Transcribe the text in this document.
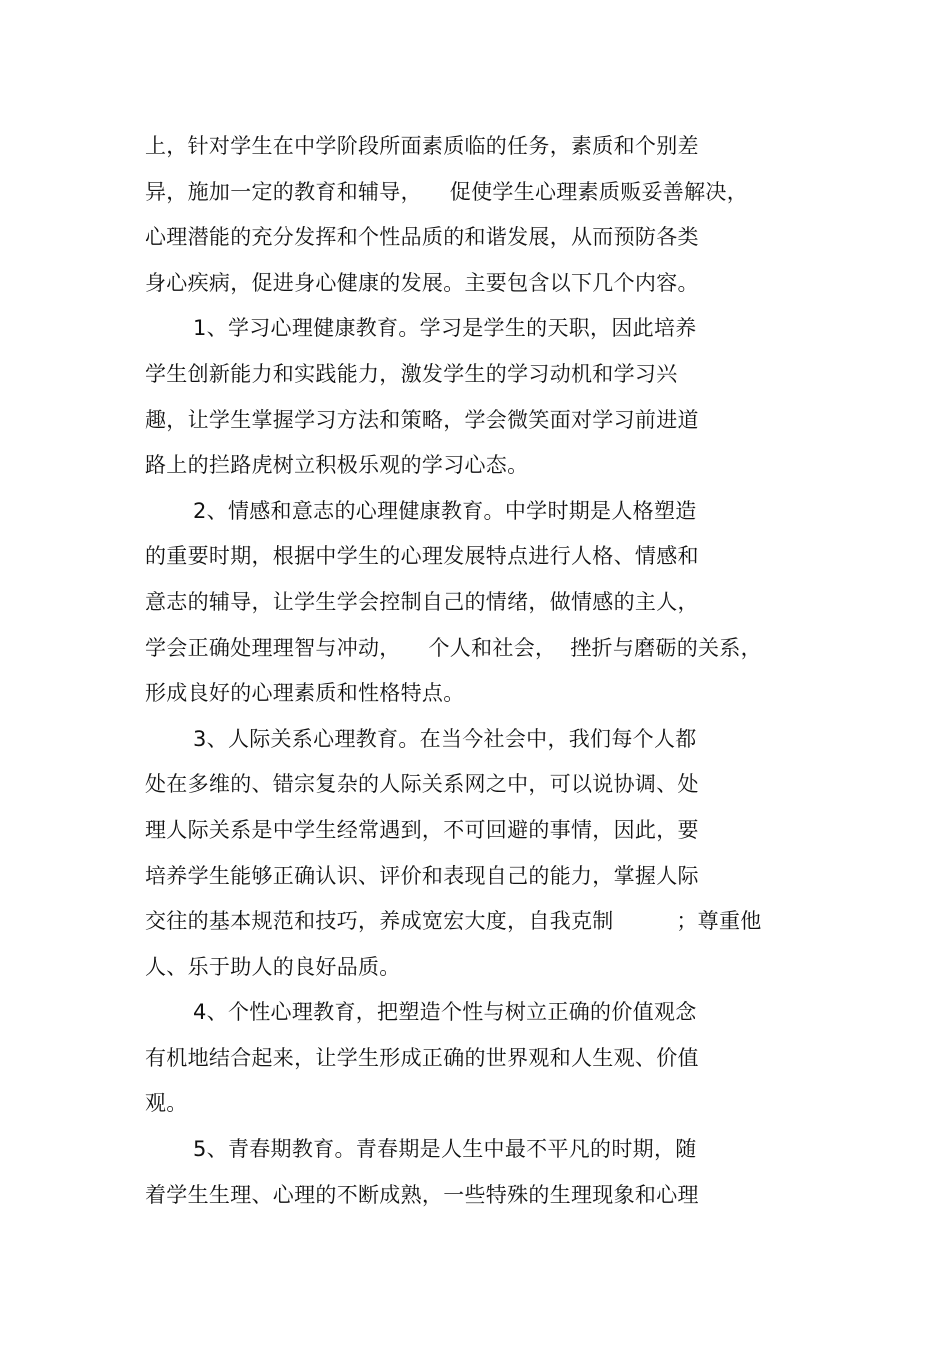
上，针对学生在中学阶段所面素质临的任务，素质和个别差

异，施加一定的教育和辅导，    促使学生心理素质贩妥善解决，

心理潜能的充分发挥和个性品质的和谐发展，从而预防各类

身心疾病，促进身心健康的发展。主要包含以下几个内容。

1、学习心理健康教育。学习是学生的天职，因此培养

学生创新能力和实践能力，激发学生的学习动机和学习兴

趣，让学生掌握学习方法和策略，学会微笑面对学习前进道

路上的拦路虎树立积极乐观的学习心态。

2、情感和意志的心理健康教育。中学时期是人格塑造

的重要时期，根据中学生的心理发展特点进行人格、情感和

意志的辅导，让学生学会控制自己的情绪，做情感的主人，

学会正确处理理智与冲动，    个人和社会，  挫折与磨砺的关系，

形成良好的心理素质和性格特点。

3、人际关系心理教育。在当今社会中，我们每个人都

处在多维的、错宗复杂的人际关系网之中，可以说协调、处

理人际关系是中学生经常遇到，不可回避的事情，因此，要

培养学生能够正确认识、评价和表现自己的能力，掌握人际

交往的基本规范和技巧，养成宽宏大度，自我克制         ；尊重他

人、乐于助人的良好品质。

4、个性心理教育，把塑造个性与树立正确的价值观念

有机地结合起来，让学生形成正确的世界观和人生观、价值

观。

5、青春期教育。青春期是人生中最不平凡的时期，随

着学生生理、心理的不断成熟，一些特殊的生理现象和心理
